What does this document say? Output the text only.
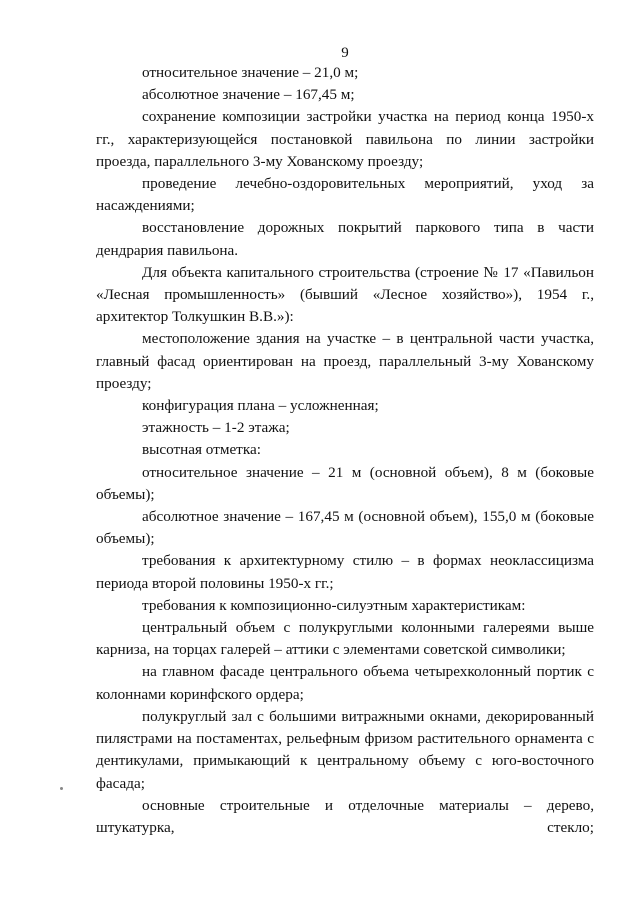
9

относительное значение – 21,0 м;

абсолютное значение – 167,45 м;

сохранение композиции застройки участка на период конца 1950-х гг., характеризующейся постановкой павильона по линии застройки проезда, параллельного 3-му Хованскому проезду;

проведение лечебно-оздоровительных мероприятий, уход за насаждениями;

восстановление дорожных покрытий паркового типа в части дендрария павильона.

Для объекта капитального строительства (строение № 17 «Павильон «Лесная промышленность» (бывший «Лесное хозяйство»), 1954 г., архитектор Толкушкин В.В.»):

местоположение здания на участке – в центральной части участка, главный фасад ориентирован на проезд, параллельный 3-му Хованскому проезду;

конфигурация плана – усложненная;

этажность – 1-2 этажа;

высотная отметка:

относительное значение – 21 м (основной объем), 8 м (боковые объемы);

абсолютное значение – 167,45 м (основной объем), 155,0 м (боковые объемы);

требования к архитектурному стилю – в формах неоклассицизма периода второй половины 1950-х гг.;

требования к композиционно-силуэтным характеристикам:

центральный объем с полукруглыми колонными галереями выше карниза, на торцах галерей – аттики с элементами советской символики;

на главном фасаде центрального объема четырехколонный портик с колоннами коринфского ордера;

полукруглый зал с большими витражными окнами, декорированный пилястрами на постаментах, рельефным фризом растительного орнамента с дентикулами, примыкающий к центральному объему с юго-восточного фасада;

основные строительные и отделочные материалы – дерево, штукатурка, стекло;
